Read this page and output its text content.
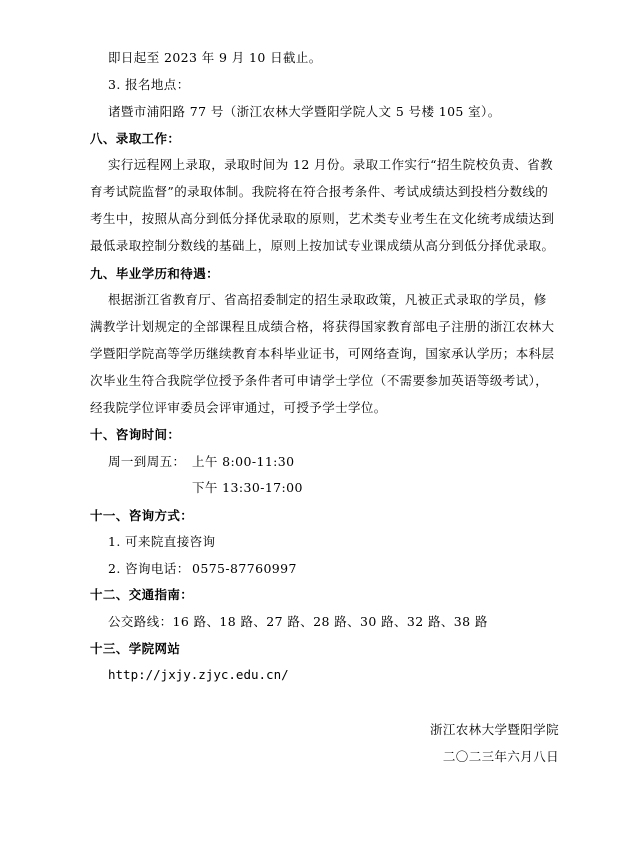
即日起至 2023 年 9 月 10 日截止。
3. 报名地点：
诸暨市浦阳路 77 号（浙江农林大学暨阳学院人文 5 号楼 105 室）。
八、录取工作：
实行远程网上录取，录取时间为 12 月份。录取工作实行“招生院校负责、省教
育考试院监督”的录取体制。我院将在符合报考条件、考试成绩达到投档分数线的
考生中，按照从高分到低分择优录取的原则，艺术类专业考生在文化统考成绩达到
最低录取控制分数线的基础上，原则上按加试专业课成绩从高分到低分择优录取。
九、毕业学历和待遇：
根据浙江省教育厅、省高招委制定的招生录取政策，凡被正式录取的学员，修
满教学计划规定的全部课程且成绩合格，将获得国家教育部电子注册的浙江农林大
学暨阳学院高等学历继续教育本科毕业证书，可网络查询，国家承认学历；本科层
次毕业生符合我院学位授予条件者可申请学士学位（不需要参加英语等级考试），
经我院学位评审委员会评审通过，可授予学士学位。
十、咨询时间：
周一到周五： 上午 8:00-11:30
下午 13:30-17:00
十一、咨询方式：
1. 可来院直接咨询
2. 咨询电话： 0575-87760997
十二、交通指南：
公交路线：16 路、18 路、27 路、28 路、30 路、32 路、38 路
十三、学院网站
http://jxjy.zjyc.edu.cn/
浙江农林大学暨阳学院
二〇二三年六月八日
